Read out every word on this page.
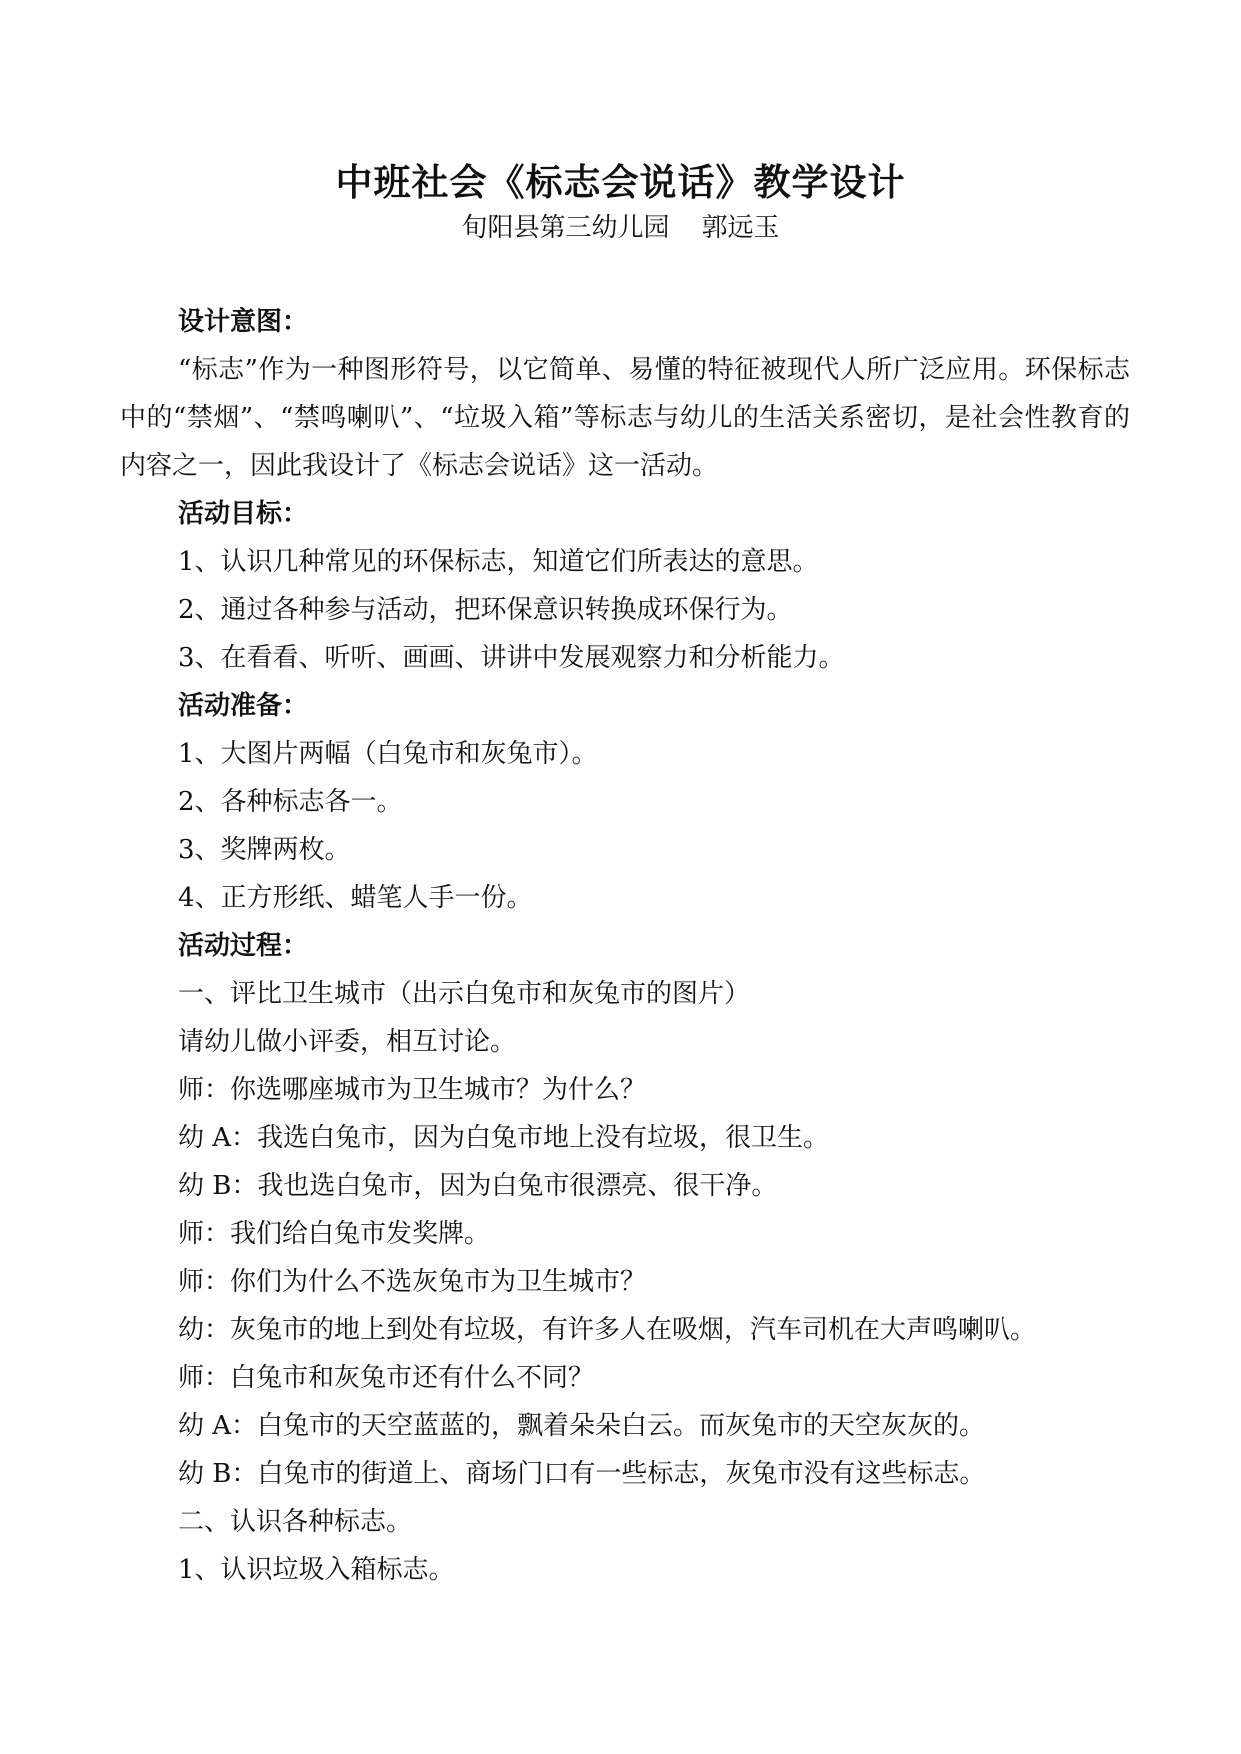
中班社会《标志会说话》教学设计
旬阳县第三幼儿园 郭远玉
设计意图：
“标志”作为一种图形符号，以它简单、易懂的特征被现代人所广泛应用。环保标志中的“禁烟”、“禁鸣喇叭”、“垃圾入箱”等标志与幼儿的生活关系密切，是社会性教育的内容之一，因此我设计了《标志会说话》这一活动。
活动目标：
1、认识几种常见的环保标志，知道它们所表达的意思。
2、通过各种参与活动，把环保意识转换成环保行为。
3、在看看、听听、画画、讲讲中发展观察力和分析能力。
活动准备：
1、大图片两幅（白兔市和灰兔市）。
2、各种标志各一。
3、奖牌两枚。
4、正方形纸、蜡笔人手一份。
活动过程：
一、评比卫生城市（出示白兔市和灰兔市的图片）
请幼儿做小评委，相互讨论。
师：你选哪座城市为卫生城市？为什么？
幼 A：我选白兔市，因为白兔市地上没有垃圾，很卫生。
幼 B：我也选白兔市，因为白兔市很漂亮、很干净。
师：我们给白兔市发奖牌。
师：你们为什么不选灰兔市为卫生城市？
幼：灰兔市的地上到处有垃圾，有许多人在吸烟，汽车司机在大声鸣喇叭。
师：白兔市和灰兔市还有什么不同？
幼 A：白兔市的天空蓝蓝的，飘着朵朵白云。而灰兔市的天空灰灰的。
幼 B：白兔市的街道上、商场门口有一些标志，灰兔市没有这些标志。
二、认识各种标志。
1、认识垃圾入箱标志。
